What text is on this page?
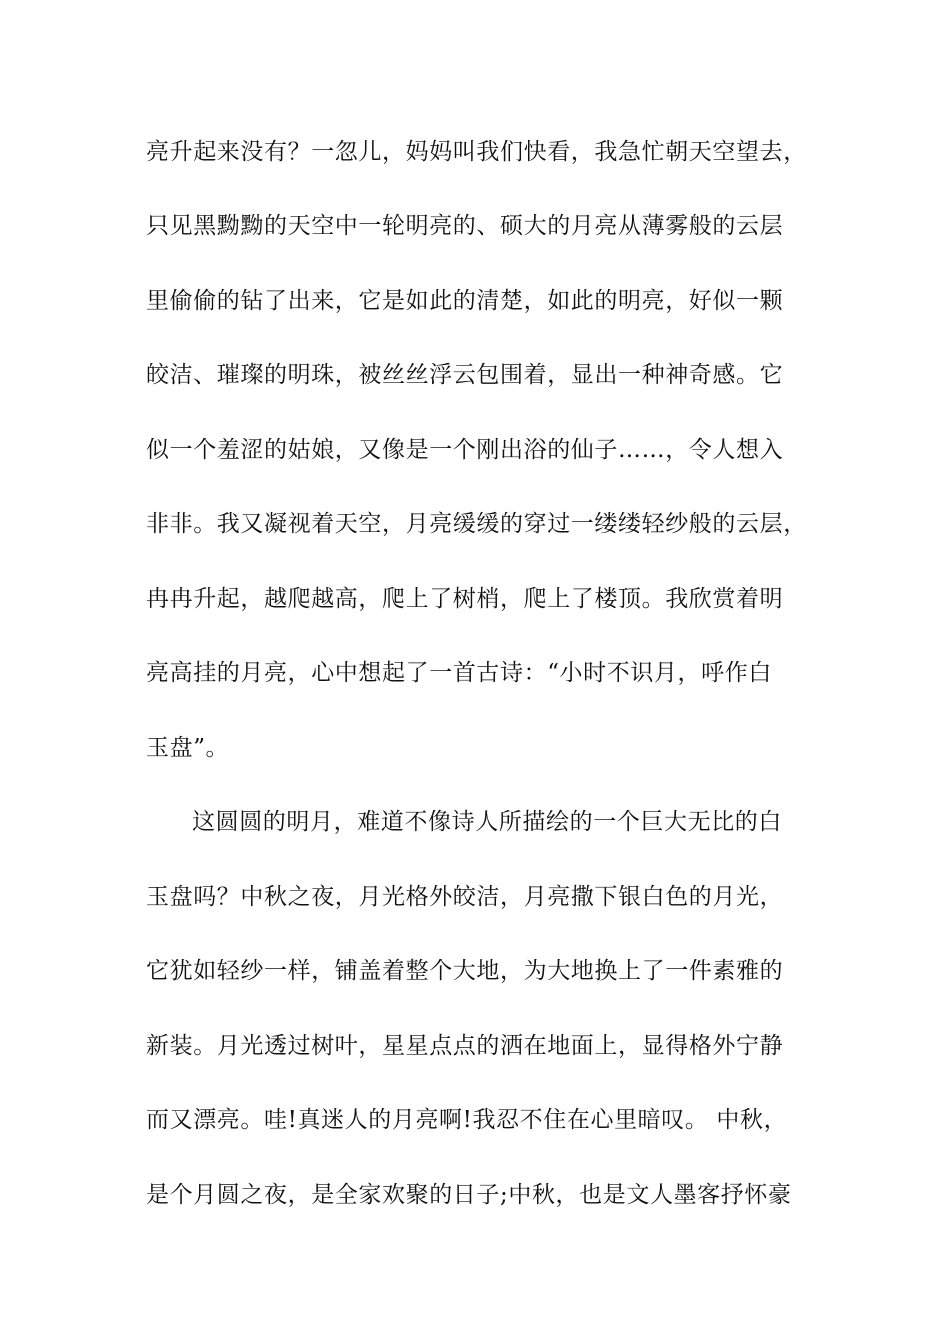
亮升起来没有？一忽儿，妈妈叫我们快看，我急忙朝天空望去，
只见黑黝黝的天空中一轮明亮的、硕大的月亮从薄雾般的云层
里偷偷的钻了出来，它是如此的清楚，如此的明亮，好似一颗
皎洁、璀璨的明珠，被丝丝浮云包围着，显出一种神奇感。它
似一个羞涩的姑娘，又像是一个刚出浴的仙子……，令人想入
非非。我又凝视着天空，月亮缓缓的穿过一缕缕轻纱般的云层，
冉冉升起，越爬越高，爬上了树梢，爬上了楼顶。我欣赏着明
亮高挂的月亮，心中想起了一首古诗：“小时不识月，呼作白
玉盘”。
这圆圆的明月，难道不像诗人所描绘的一个巨大无比的白
玉盘吗？中秋之夜，月光格外皎洁，月亮撒下银白色的月光，
它犹如轻纱一样，铺盖着整个大地，为大地换上了一件素雅的
新装。月光透过树叶，星星点点的洒在地面上，显得格外宁静
而又漂亮。哇!真迷人的月亮啊!我忍不住在心里暗叹。 中秋，
是个月圆之夜，是全家欢聚的日子;中秋，也是文人墨客抒怀豪
